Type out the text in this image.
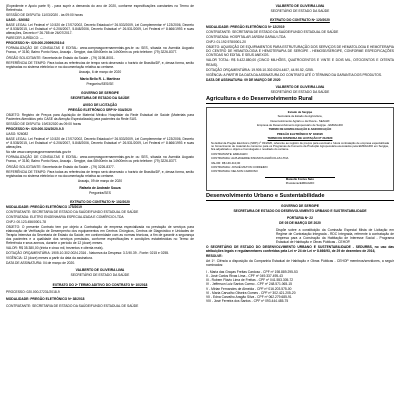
(Expediente e Apoio parte 9) - para suprir a demanda do ano de 2020, conforme especificações constantes no Termo de Referência.

SESSÃO DE DISPUTA: 11/03/2020 - às 09:00 horas

UASG - 926082

BASE LEGAL: Lei Federal nº 10.520 de 17/07/2002, Decreto Estadual nº 26.533/2009, Lei Complementar nº 123/2006, Decreto nº 8.538/2015, Lei Estadual nº 6.206/2007, 5.848/2006, Decreto Estadual nº 26.531/2009, Lei Federal nº 8.666/1993 e suas alterações, Decreto nº 26.785 de 26/07/2017.

PARECER JURÍDICO: ---

PROCESSO Nº: 020.000.20099/2019-6

FORMALIZAÇÃO DE CONSULTAS E EDITAL: www.comprasgovernamentais.gov.br ou SES, situada na Avenida Augusto Franco, nº 3150, Bairro Ponto Novo, Aracaju - Sergipe, das 08h00min às 14h00min ou pelo telefone: (79) 3226-8377.

ÓRGÃO SOLICITANTE: Secretaria de Estado da Saúde - (79) 3198-8001.

REFERÊNCIA DE TEMPO: Para todas as referências de tempo será observado o horário de Brasília/DF, e, dessa forma, serão registradas no sistema eletrônico e na documentação relativa ao certame.

Aracaju, 6 de março de 2020

Mario Bello R. L. Martinez

Pregoeiro/SES/SE

GOVERNO DE SERGIPE

SECRETARIA DE ESTADO DA SAÚDE

AVISO DE LICITAÇÃO

PREGÃO ELETRÔNICO SRP Nº 034/2020

OBJETO: Registro de Preços para Aquisição de Material Médico Hospitalar da Rede Estadual de Saúde (Materiais para Pacientes Atendidos pelo CASE da Atenção Especializada) para pacientes da Rede SUS.

SESSÃO DE DISPUTA: 19/03/2020 às 09:00 horas

PROCESSO Nº: 020.000.324/2020-9-5

UASG: 926082

BASE LEGAL: Lei Federal nº 10.520 de 17/07/2002, Decreto Estadual nº 26.533/2009, Lei Complementar nº 123/2006, Decreto nº 8.538/2015, Lei Estadual nº 6.206/2007, 5.848/2006, Decreto Estadual nº 26.531/2009, Lei Federal nº 8.666/1993 e suas alterações.

No site www.comprasgovernamentais.gov.br

FORMALIZAÇÃO DE CONSULTAS E EDITAL: www.comprasgovernamentais.gov.br ou SES, situada na Avenida Augusto Franco, nº 3150, Bairro Ponto Novo, Aracaju - Sergipe, das 08h00min às 14h00min ou pelo telefone: (79) 3226-8377.

ÓRGÃO SOLICITANTE: Secretaria de Estado da Saúde - (79) 3226-8377.

REFERÊNCIA DE TEMPO: Para todas as referências de tempo será observado o horário de Brasília/DF, e, dessa forma, serão registradas no sistema eletrônico e na documentação relativa ao certame.

Aracaju, 09 de março de 2020

Rafaela de Andrade Souza

Pregoeira/SES

EXTRATO DO CONTRATO Nº 102/2020

MODALIDADE: PREGÃO ELETRÔNICO 175/2019

CONTRATANTE: SECRETARIA DE ESTADO DA SAÚDE/FUNDO ESTADUAL DE SAÚDE

CONTRATADA: ELETRO ENGENHARIA ESPECIALIZADA E COMÉRCIO LTDA

CNPJ: 00.123.456/0001-78

OBJETO: O presente Contrato tem por objeto a Contratação de empresa especializada na prestação de serviços para elaboração de Verificação de Desempenho dos equipamentos em Centros Cirúrgicos, Centros de Diagnóstico e Unidades de Terapia Intensiva da Secretaria de Estado da Saúde, em conformidade com as normas técnicas, a fim de garantir a segurança dos pacientes e a qualidade dos serviços prestados, conforme especificações e condições estabelecidas no Termo de Referência e seus anexos, durante o período de 12 (doze) meses.

VALOR: R$ 35.380,00 (trinta e cinco mil, trezentos e oitenta reais).

DOTAÇÃO ORÇAMENTÁRIA: 1905.10.302.0024.2316 - Natureza da Despesa: 3.3.90.39 - Fonte: 0215 e 0255.

VIGÊNCIA: 12 (doze) meses a partir da data da assinatura.

DATA DE ASSINATURA: 04 de março de 2020.

VALBERTO DE OLIVEIRA LIMA

SECRETÁRIO DE ESTADO DA SAÚDE

EXTRATO DO 2º TERMO ADITIVO DO CONTRATO Nº 10/2018

PROCESSO: 020.000.27231/2018-9

MODALIDADE: PREGÃO ELETRÔNICO Nº 38/2018

CONTRATANTE: SECRETARIA DE ESTADO DA SAÚDE/FUNDO ESTADUAL DE SAÚDE

VALBERTO DE OLIVEIRA LIMA

SECRETÁRIO DE ESTADO DA SAÚDE

EXTRATO DO CONTRATO Nº 120/2020

MODALIDADE: PREGÃO ELETRÔNICO Nº 12/2019

CONTRATANTE: SECRETARIA DE ESTADO DA SAÚDE/FUNDO ESTADUAL DE SAÚDE

CONTRATADA: HOSPITALAR JARDIM GARAU LTDA

CNPJ: 01.192.978/0001-20

OBJETO: AQUISIÇÃO DE EQUIPAMENTOS PARA ESTRUTURAÇÃO DOS SERVIÇOS DE HEMATOLOGIA E HEMOTERAPIA DO CENTRO DE HEMATOLOGIA E HEMOTERAPIA DE SERGIPE - HEMOSE/SERGIPE, CONFORME ESPECIFICAÇÕES CONTIDAS NO EDITAL E SEUS ANEXOS.

VALOR TOTAL: R$ 5.422.880,00 (CINCO MILHÕES, QUATROCENTOS E VINTE E DOIS MIL, OITOCENTOS E OITENTA REAIS).

DOTAÇÃO ORÇAMENTÁRIA: 19.905.10.302.0024.4407, 44.90.52, 0255.

VIGÊNCIA: A PARTIR DA DATA DA ASSINATURA DO CONTRATO ATÉ O TÉRMINO DA GARANTIA DOS PRODUTOS.

DATA DE ASSINATURA: 09 DE MARÇO DE 2020

VALBERTO DE OLIVEIRA LIMA

SECRETÁRIO DE ESTADO DA SAÚDE

Agricultura e do Desenvolvimento Rural

Estado de Sergipe

Secretaria de Estado da Agricultura,

Desenvolvimento Agrário e da Pesca - SEAGRI

Empresa de Desenvolvimento Agropecuário de Sergipe - EMDAGRO

TERMO DE HOMOLOGAÇÃO E ADJUDICAÇÃO

PREGÃO ELETRÔNICO Nº 03/2020

TERMO DE DISPENSA DE LICITAÇÃO Nº 21/2020

No Edital da Pregão Eletrônico (SRP) nº 03/2020, referente ao registro de preços para eventual e futura contratação de empresa especializada no fornecimento de material de consumo para os Programas de Fomento da Produção Agropecuária executados pela EMDAGRO em Sergipe, fica adjudicado o objeto e homologado o resultado do certame.

CONTRATANTE: EMDAGRO

CONTRATADA: ALPHAVERDE INSUMOS AGRÍCOLAS LTDA

VALOR: R$ 146.410,00

CONTRATADA: JOSUÉ MILTON CORDEIRO

CONTRATADA: NELSON CARDOSO

Mateolle Fontes Neto

Presidente/EMDAGRO

Desenvolvimento Urbano e Sustentabilidade

GOVERNO DE SERGIPE

SECRETARIA DE ESTADO DO DESENVOLVIMENTO URBANO E SUSTENTABILIDADE

PORTARIA Nº 22

DE 05 DE MARÇO DE 2020

Dispõe sobre a constituição da Comissão Especial Mista de Licitação em Regime de Contratação Integrada - RDC Integrada, referente à contratação de empresa para a Construção da Habitação de Interesse Social - Programa Estadual de Habitação e Obras Públicas - CEHOP.

O SECRETÁRIO DE ESTADO DO DESENVOLVIMENTO URBANO E SUSTENTABILIDADE - SEDURBS, no uso das atribuições legais e regulamentares conferidas pela Lei nº 24 de Lei nº 8.666/93, de 29 de dezembro de 2016,

RESOLVE:

Art 1º. Ciência a disposição da Companhia Estadual de Habitação e Obras Públicas - CEHOP membros/servidores, a seguir nominados:

I - Maria das Graças Freitas Cardoso - CPF nº 198.889.295-53

II - José Carlos Rivas Lima - CPF nº 049.337.495-43

III - Rubem Flávio Lima de Freitas - CPF nº 041.553.305-72

IV - Jefferson Luiz Santos Carmo - CPF nº 248.571.065-15

V - Mirian Fernandes de Almeida - CPF nº 016.203.575-00

VI - Maria Carvalho Oliveira Gomes - CPF nº 302.421.205-20

VII - Edna Carvalho Aragão Silva - CPF nº 062.279.685-91

VIII - José Ferreira dos Santos - CPF nº 093.444.485-75
